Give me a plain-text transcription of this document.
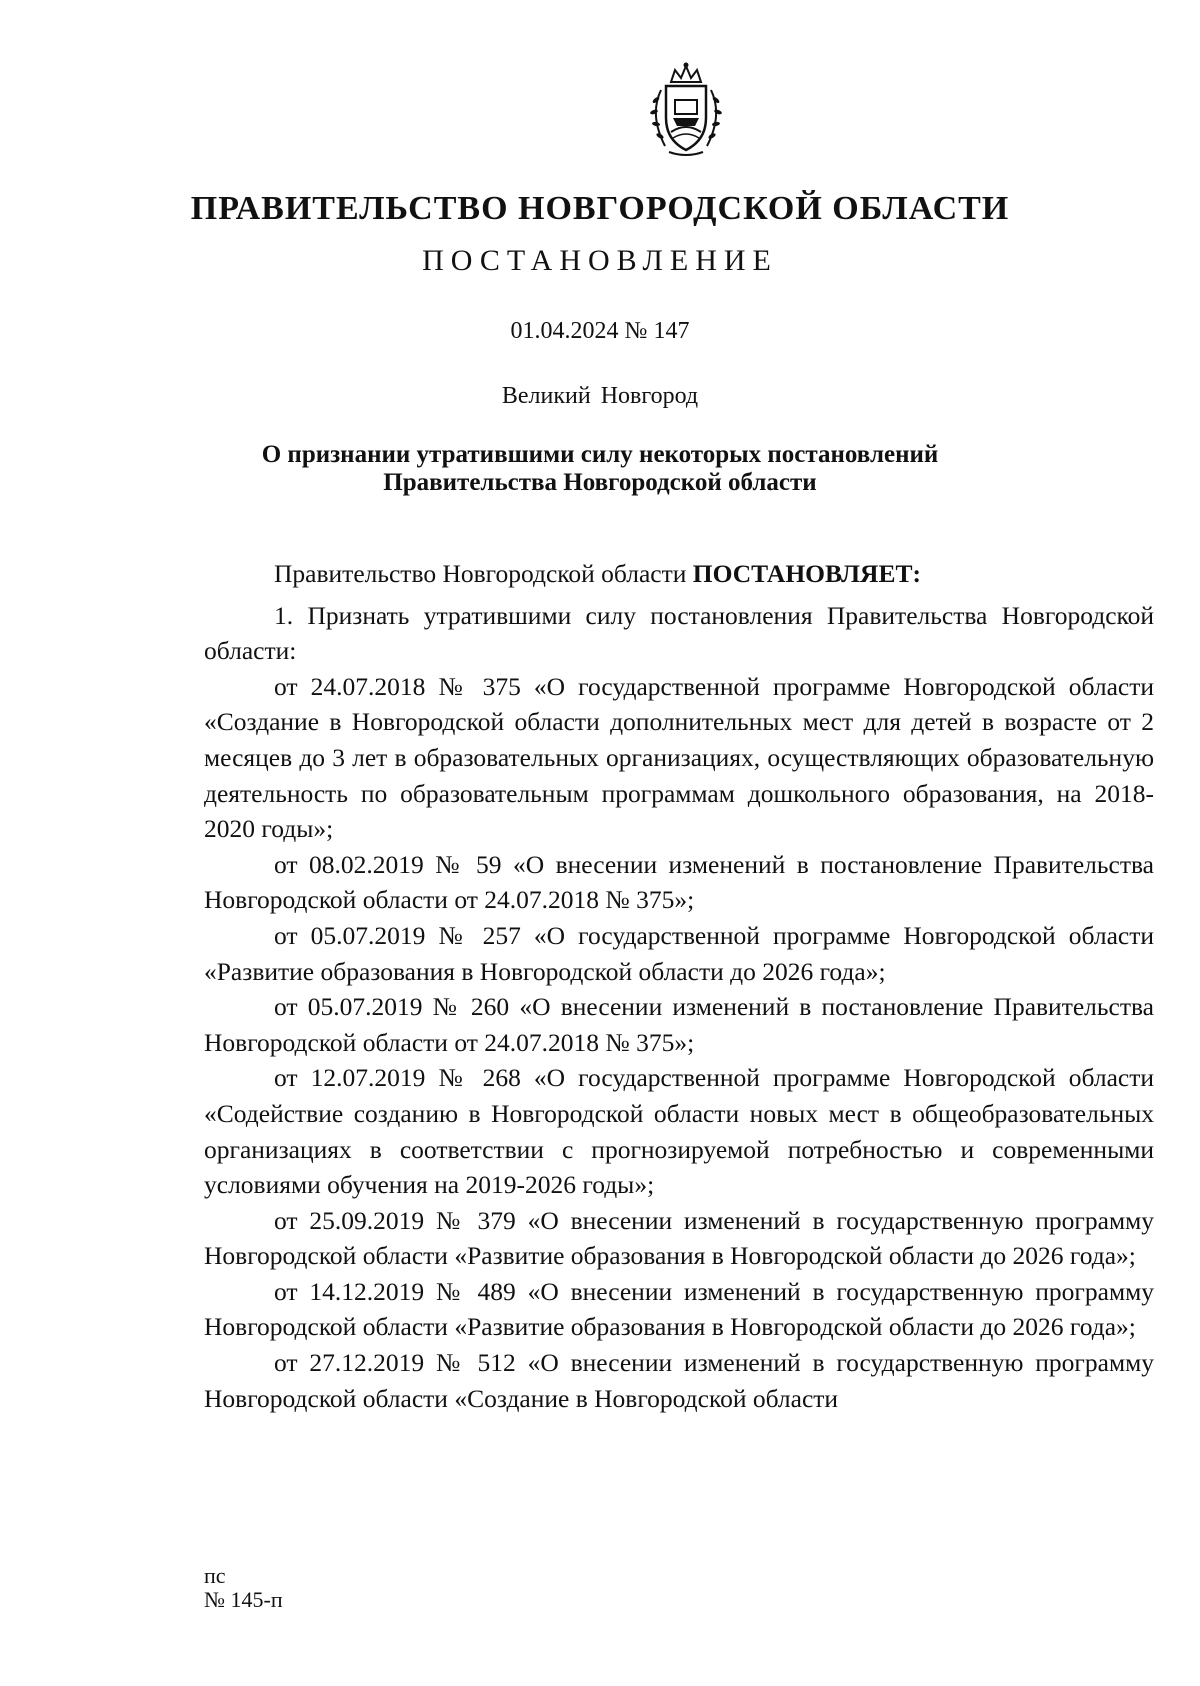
ПРАВИТЕЛЬСТВО НОВГОРОДСКОЙ ОБЛАСТИ
ПОСТАНОВЛЕНИЕ
01.04.2024 № 147
Великий Новгород
О признании утратившими силу некоторых постановлений
Правительства Новгородской области

Правительство Новгородской области ПОСТАНОВЛЯЕТ:

1. Признать утратившими силу постановления Правительства Новгородской области:

от 24.07.2018 № 375 «О государственной программе Новгородской области «Создание в Новгородской области дополнительных мест для детей в возрасте от 2 месяцев до 3 лет в образовательных организациях, осуществляющих образовательную деятельность по образовательным программам дошкольного образования, на 2018-2020 годы»;

от 08.02.2019 № 59 «О внесении изменений в постановление Правительства Новгородской области от 24.07.2018 № 375»;

от 05.07.2019 № 257 «О государственной программе Новгородской области «Развитие образования в Новгородской области до 2026 года»;

от 05.07.2019 № 260 «О внесении изменений в постановление Правительства Новгородской области от 24.07.2018 № 375»;

от 12.07.2019 № 268 «О государственной программе Новгородской области «Содействие созданию в Новгородской области новых мест в общеобразовательных организациях в соответствии с прогнозируемой потребностью и современными условиями обучения на 2019-2026 годы»;

от 25.09.2019 № 379 «О внесении изменений в государственную программу Новгородской области «Развитие образования в Новгородской области до 2026 года»;

от 14.12.2019 № 489 «О внесении изменений в государственную программу Новгородской области «Развитие образования в Новгородской области до 2026 года»;

от 27.12.2019 № 512 «О внесении изменений в государственную программу Новгородской области «Создание в Новгородской области

пс
№ 145-п
